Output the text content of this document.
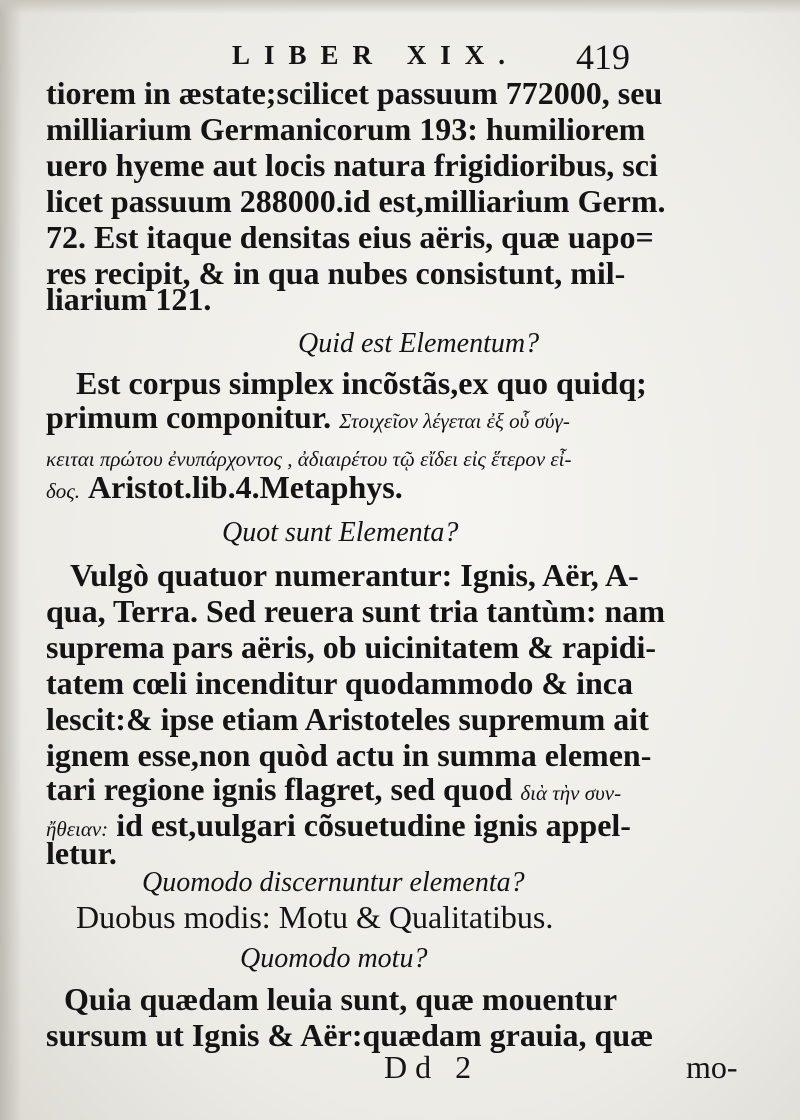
LIBER XIX. 419
tiorem in æstate;scilicet passuum 772000, seu
milliarium Germanicorum 193: humiliorem
uero hyeme aut locis natura frigidioribus, sci
licet passuum 288000.id est,milliarium Germ.
72. Est itaque densitas eius aëris, quæ uapo=
res recipit, & in qua nubes consistunt, mil-
liarium 121.
Quid est Elementum?
Est corpus simplex incõstãs,ex quo quidq;
primum componitur. Στοιχεῖον λέγεται ἐξ οὗ σύγ-
κειται πρώτου ἐνυπάρχοντος , ἀδιαιρέτου τῷ εἴδει εἰς ἕτερον εἶ-
δος. Aristot.lib.4.Metaphys.
Quot sunt Elementa?
Vulgò quatuor numerantur: Ignis, Aër, A-
qua, Terra. Sed reuera sunt tria tantùm: nam
suprema pars aëris, ob uicinitatem & rapidi-
tatem cœli incenditur quodammodo & inca
lescit:& ipse etiam Aristoteles supremum ait
ignem esse,non quòd actu in summa elemen-
tari regione ignis flagret, sed quod διὰ τὴν συν-
ἤθειαν: id est,uulgari cõsuetudine ignis appel-
letur.
Quomodo discernuntur elementa?
Duobus modis: Motu & Qualitatibus.
Quomodo motu?
Quia quædam leuia sunt, quæ mouentur
sursum ut Ignis & Aër:quædam grauia, quæ
Dd 2	mo-
